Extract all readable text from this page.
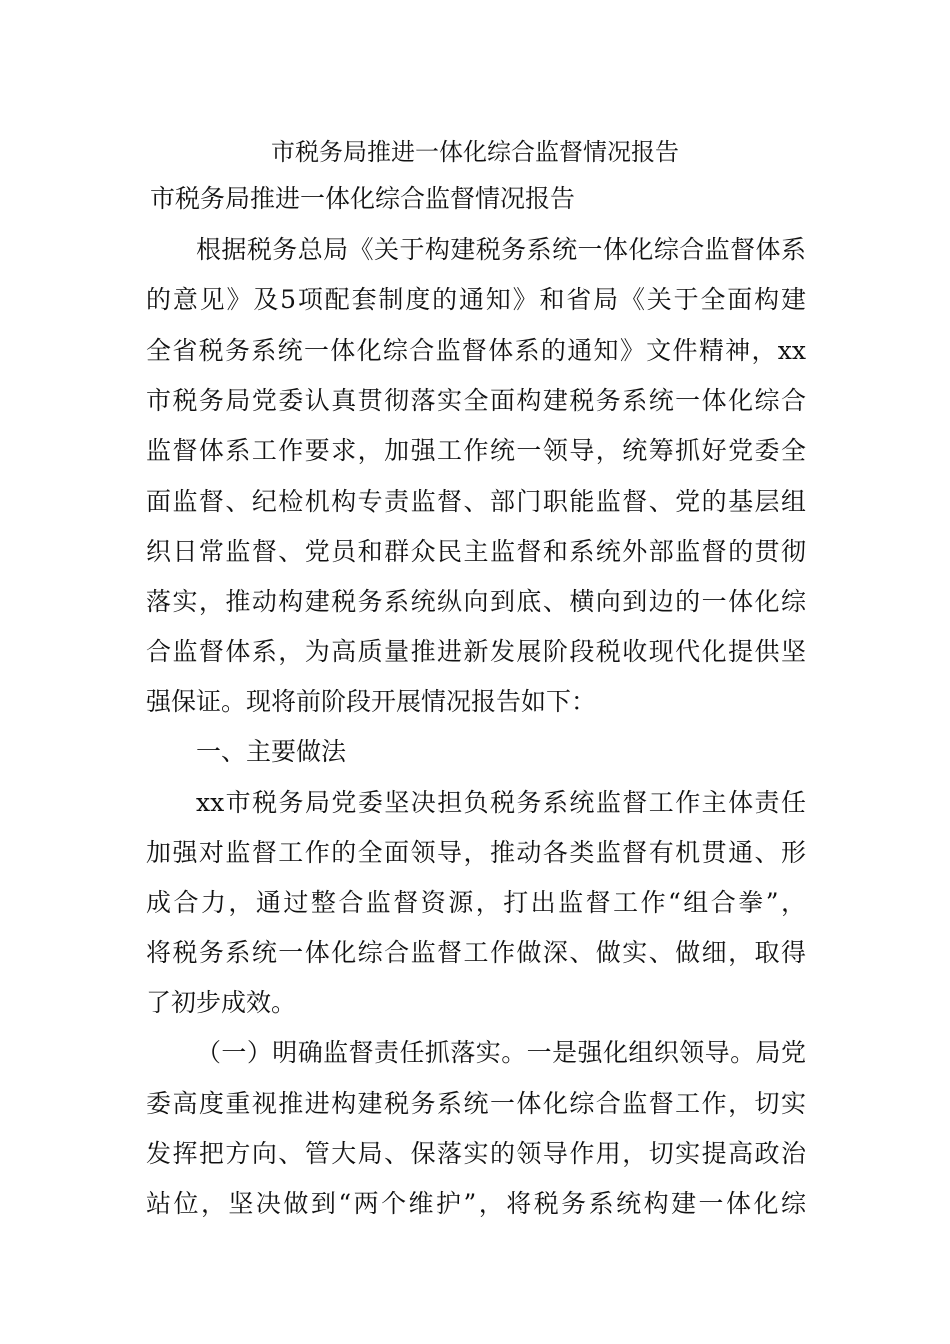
市税务局推进一体化综合监督情况报告
市税务局推进一体化综合监督情况报告
根据税务总局《关于构建税务系统一体化综合监督体系
的意见》及5项配套制度的通知》和省局《关于全面构建
全省税务系统一体化综合监督体系的通知》文件精神，xx
市税务局党委认真贯彻落实全面构建税务系统一体化综合
监督体系工作要求，加强工作统一领导，统筹抓好党委全
面监督、纪检机构专责监督、部门职能监督、党的基层组
织日常监督、党员和群众民主监督和系统外部监督的贯彻
落实，推动构建税务系统纵向到底、横向到边的一体化综
合监督体系，为高质量推进新发展阶段税收现代化提供坚
强保证。现将前阶段开展情况报告如下：
一、主要做法
xx市税务局党委坚决担负税务系统监督工作主体责任
加强对监督工作的全面领导，推动各类监督有机贯通、形
成合力，通过整合监督资源，打出监督工作“组合拳”，
将税务系统一体化综合监督工作做深、做实、做细，取得
了初步成效。
（一）明确监督责任抓落实。一是强化组织领导。局党
委高度重视推进构建税务系统一体化综合监督工作，切实
发挥把方向、管大局、保落实的领导作用，切实提高政治
站位，坚决做到“两个维护”，将税务系统构建一体化综
